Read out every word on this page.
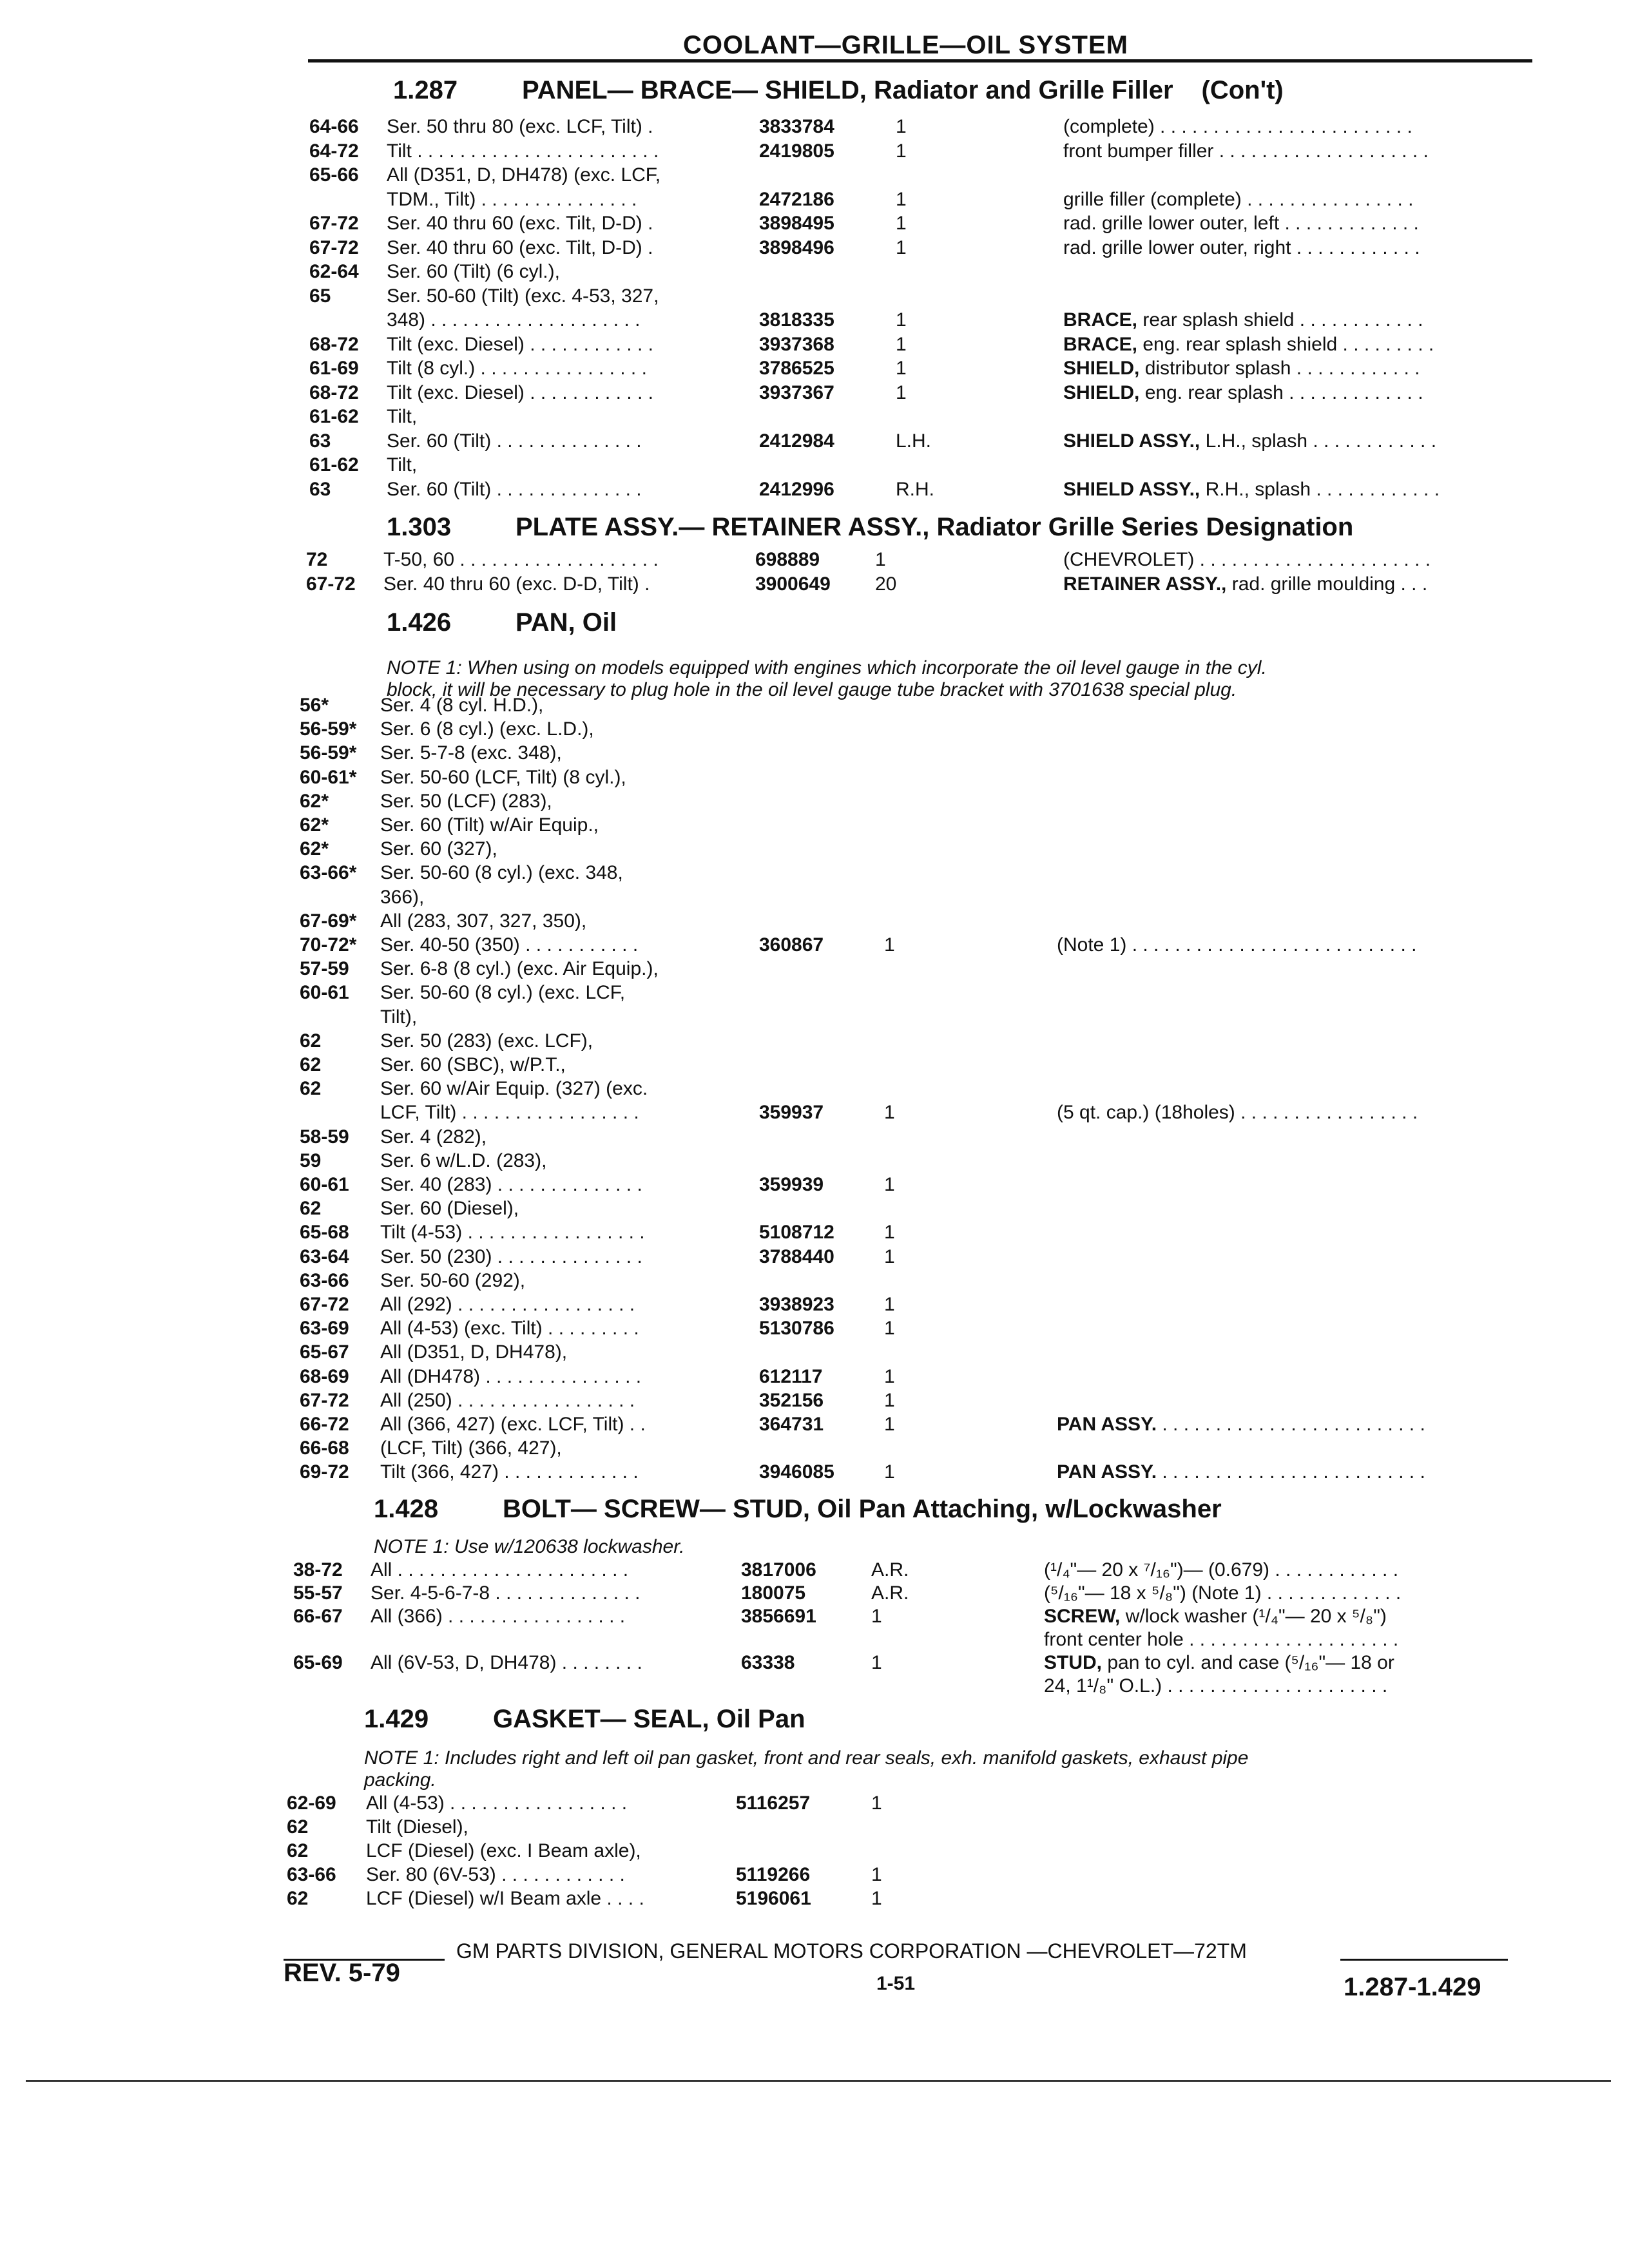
COOLANT—GRILLE—OIL SYSTEM
1.287 PANEL— BRACE— SHIELD, Radiator and Grille Filler (Con't)
64-66 Ser. 50 thru 80 (exc. LCF, Tilt) .	3833784	1	(complete) . . . . . . . . . . . . . . . . . . . . . . . .
64-72 Tilt . . . . . . . . . . . . . . . . . . . . . . .	2419805	1	front bumper filler . . . . . . . . . . . . . . . . . . . .
65-66 All (D351, D, DH478) (exc. LCF,
TDM., Tilt) . . . . . . . . . . . . . . .	2472186	1	grille filler (complete) . . . . . . . . . . . . . . . .
67-72 Ser. 40 thru 60 (exc. Tilt, D-D) .	3898495	1	rad. grille lower outer, left . . . . . . . . . . . . .
67-72 Ser. 40 thru 60 (exc. Tilt, D-D) .	3898496	1	rad. grille lower outer, right . . . . . . . . . . . .
62-64 Ser. 60 (Tilt) (6 cyl.),
65	Ser. 50-60 (Tilt) (exc. 4-53, 327,
348) . . . . . . . . . . . . . . . . . . . .	3818335	1	BRACE, rear splash shield . . . . . . . . . . . .
68-72 Tilt (exc. Diesel) . . . . . . . . . . . .	3937368	1	BRACE, eng. rear splash shield . . . . . . . . .
61-69 Tilt (8 cyl.) . . . . . . . . . . . . . . . .	3786525	1	SHIELD, distributor splash . . . . . . . . . . . .
68-72 Tilt (exc. Diesel) . . . . . . . . . . . .	3937367	1	SHIELD, eng. rear splash . . . . . . . . . . . . .
61-62 Tilt,
63	Ser. 60 (Tilt) . . . . . . . . . . . . . .	2412984	L.H.	SHIELD ASSY., L.H., splash . . . . . . . . . . . .
61-62 Tilt,
63	Ser. 60 (Tilt) . . . . . . . . . . . . . .	2412996	R.H.	SHIELD ASSY., R.H., splash . . . . . . . . . . . .
1.303 PLATE ASSY.— RETAINER ASSY., Radiator Grille Series Designation
72	T-50, 60 . . . . . . . . . . . . . . . . . . .	698889	1	(CHEVROLET) . . . . . . . . . . . . . . . . . . . . . .
67-72 Ser. 40 thru 60 (exc. D-D, Tilt) .	3900649 20	RETAINER ASSY., rad. grille moulding . . .
1.426 PAN, Oil
NOTE 1: When using on models equipped with engines which incorporate the oil level gauge in the cyl.
block, it will be necessary to plug hole in the oil level gauge tube bracket with 3701638 special plug.
56*	Ser. 4 (8 cyl. H.D.),
56-59* Ser. 6 (8 cyl.) (exc. L.D.),
56-59* Ser. 5-7-8 (exc. 348),
60-61* Ser. 50-60 (LCF, Tilt) (8 cyl.),
62*	Ser. 50 (LCF) (283),
62*	Ser. 60 (Tilt) w/Air Equip.,
62*	Ser. 60 (327),
63-66* Ser. 50-60 (8 cyl.) (exc. 348,
366),
67-69* All (283, 307, 327, 350),
70-72* Ser. 40-50 (350) . . . . . . . . . . .	360867	1	(Note 1) . . . . . . . . . . . . . . . . . . . . . . . . . . .
57-59 Ser. 6-8 (8 cyl.) (exc. Air Equip.),
60-61 Ser. 50-60 (8 cyl.) (exc. LCF,
Tilt),
62	Ser. 50 (283) (exc. LCF),
62	Ser. 60 (SBC), w/P.T.,
62	Ser. 60 w/Air Equip. (327) (exc.
LCF, Tilt) . . . . . . . . . . . . . . . . .	359937	1	(5 qt. cap.) (18holes) . . . . . . . . . . . . . . . . .
58-59 Ser. 4 (282),
59	Ser. 6 w/L.D. (283),
60-61 Ser. 40 (283) . . . . . . . . . . . . . .	359939	1
62	Ser. 60 (Diesel),
65-68 Tilt (4-53) . . . . . . . . . . . . . . . . .	5108712	1
63-64 Ser. 50 (230) . . . . . . . . . . . . . .	3788440	1
63-66 Ser. 50-60 (292),
67-72 All (292) . . . . . . . . . . . . . . . . .	3938923	1
63-69 All (4-53) (exc. Tilt) . . . . . . . . .	5130786	1
65-67 All (D351, D, DH478),
68-69 All (DH478) . . . . . . . . . . . . . . .	612117	1
67-72 All (250) . . . . . . . . . . . . . . . . .	352156	1
66-72 All (366, 427) (exc. LCF, Tilt) . .	364731	1	PAN ASSY. . . . . . . . . . . . . . . . . . . . . . . . . .
66-68 (LCF, Tilt) (366, 427),
69-72 Tilt (366, 427) . . . . . . . . . . . . .	3946085	1	PAN ASSY. . . . . . . . . . . . . . . . . . . . . . . . . .
1.428 BOLT— SCREW— STUD, Oil Pan Attaching, w/Lockwasher
NOTE 1: Use w/120638 lockwasher.
38-72 All . . . . . . . . . . . . . . . . . . . . . .	3817006	A.R.	(¹/₄"— 20 x ⁷/₁₆")— (0.679) . . . . . . . . . . . .
55-57 Ser. 4-5-6-7-8 . . . . . . . . . . . . . .	180075	A.R.	(⁵/₁₆"— 18 x ⁵/₈") (Note 1) . . . . . . . . . . . . .
66-67 All (366) . . . . . . . . . . . . . . . . .	3856691	1	SCREW, w/lock washer (¹/₄"— 20 x ⁵/₈")
front center hole . . . . . . . . . . . . . . . . . . . .
65-69 All (6V-53, D, DH478) . . . . . . . .	63338	1	STUD, pan to cyl. and case (⁵/₁₆"— 18 or
24, 1¹/₈" O.L.) . . . . . . . . . . . . . . . . . . . . .
1.429 GASKET— SEAL, Oil Pan
NOTE 1: Includes right and left oil pan gasket, front and rear seals, exh. manifold gaskets, exhaust pipe
packing.
62-69 All (4-53) . . . . . . . . . . . . . . . . .	5116257	1
62	Tilt (Diesel),
62	LCF (Diesel) (exc. I Beam axle),
63-66 Ser. 80 (6V-53) . . . . . . . . . . . .	5119266	1
62	LCF (Diesel) w/I Beam axle . . . .	5196061	1
GM PARTS DIVISION, GENERAL MOTORS CORPORATION —CHEVROLET—72TM
REV. 5-79	1-51	1.287-1.429
